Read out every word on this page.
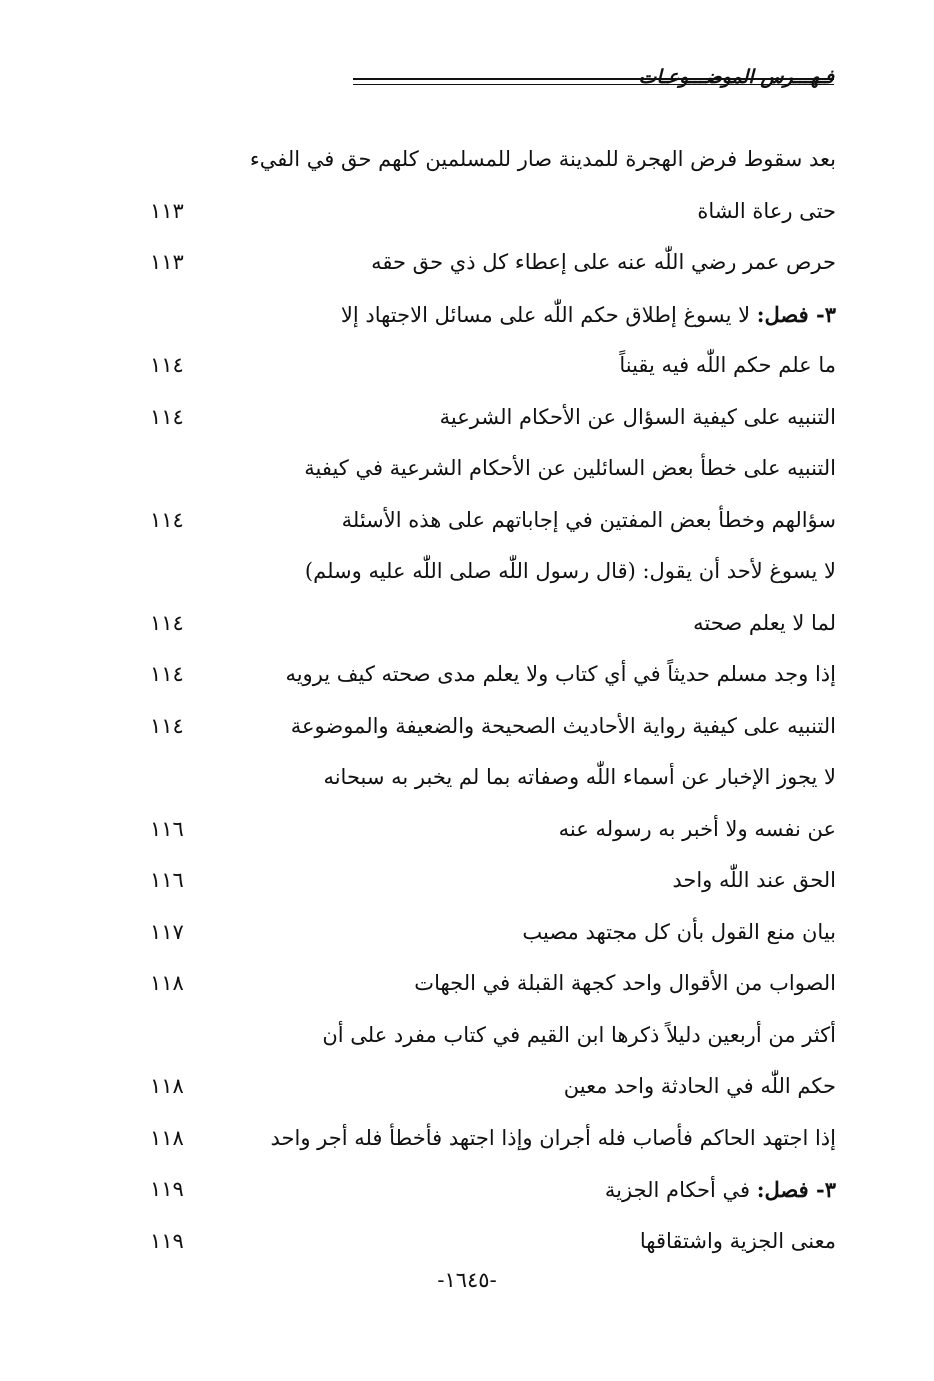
فـهـــرس الموضـــوعـات
بعد سقوط فرض الهجرة للمدينة صار للمسلمين كلهم حق في الفيء
حتى رعاة الشاة
١١٣
حرص عمر رضي اللّٰه عنه على إعطاء كل ذي حق حقه
١١٣
٣- فصل: لا يسوغ إطلاق حكم اللّٰه على مسائل الاجتهاد إلا
ما علم حكم اللّٰه فيه يقيناً
١١٤
التنبيه على كيفية السؤال عن الأحكام الشرعية
١١٤
التنبيه على خطأ بعض السائلين عن الأحكام الشرعية في كيفية
سؤالهم وخطأ بعض المفتين في إجاباتهم على هذه الأسئلة
١١٤
لا يسوغ لأحد أن يقول: (قال رسول اللّٰه صلى اللّٰه عليه وسلم)
لما لا يعلم صحته
١١٤
إذا وجد مسلم حديثاً في أي كتاب ولا يعلم مدى صحته كيف يرويه
١١٤
التنبيه على كيفية رواية الأحاديث الصحيحة والضعيفة والموضوعة
١١٤
لا يجوز الإخبار عن أسماء اللّٰه وصفاته بما لم يخبر به سبحانه
عن نفسه ولا أخبر به رسوله عنه
١١٦
الحق عند اللّٰه واحد
١١٦
بيان منع القول بأن كل مجتهد مصيب
١١٧
الصواب من الأقوال واحد كجهة القبلة في الجهات
١١٨
أكثر من أربعين دليلاً ذكرها ابن القيم في كتاب مفرد على أن
حكم اللّٰه في الحادثة واحد معين
١١٨
إذا اجتهد الحاكم فأصاب فله أجران وإذا اجتهد فأخطأ فله أجر واحد
١١٨
٣- فصل: في أحكام الجزية
١١٩
معنى الجزية واشتقاقها
١١٩
-١٦٤٥-
